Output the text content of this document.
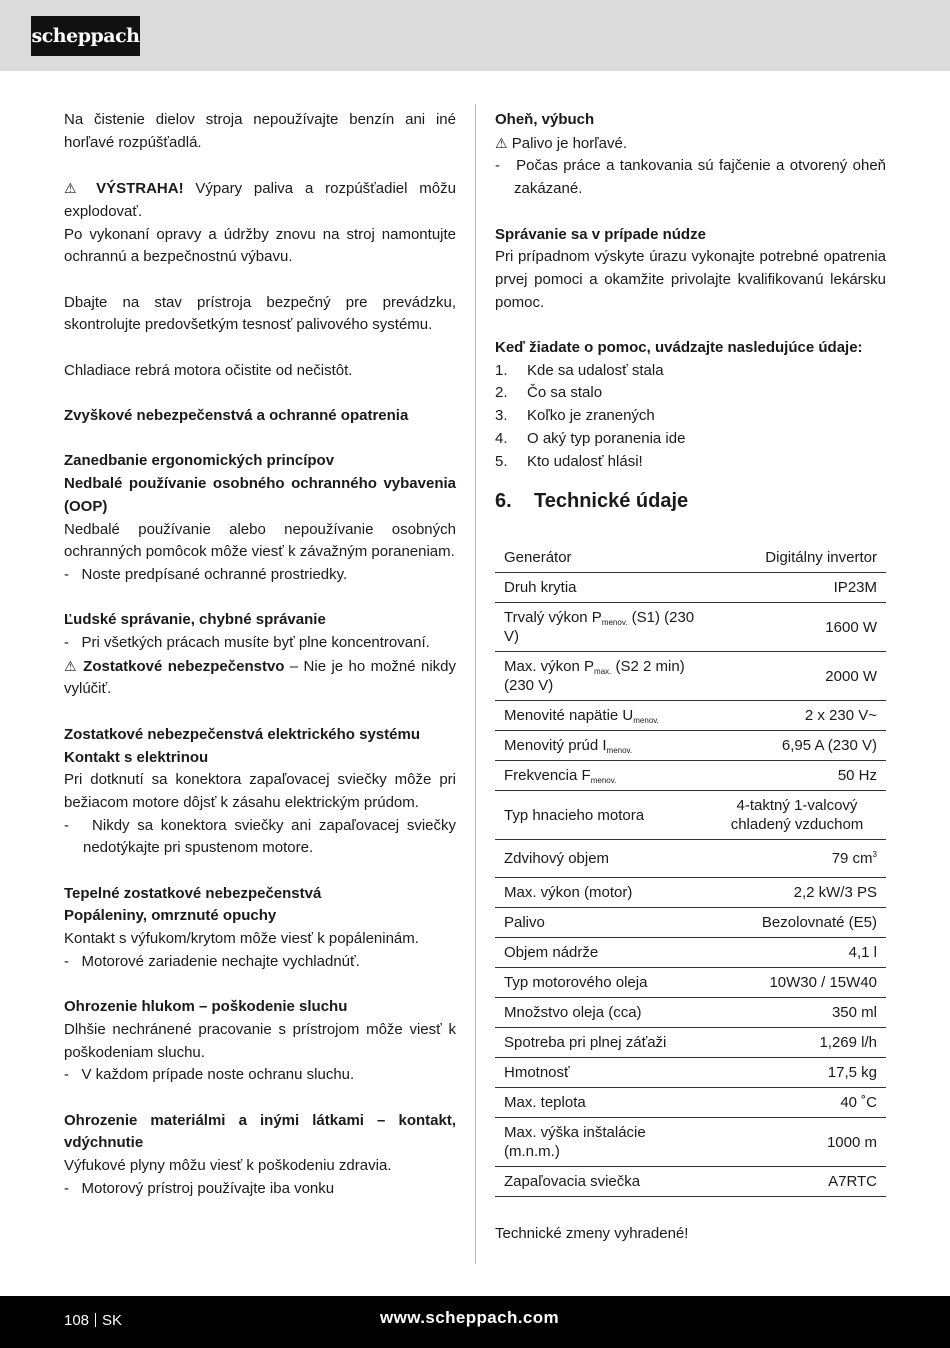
scheppach

Na čistenie dielov stroja nepoužívajte benzín ani iné horľavé rozpúšťadlá.

⚠ VÝSTRAHA! Výpary paliva a rozpúšťadiel môžu explodovať.

Po vykonaní opravy a údržby znovu na stroj namontujte ochrannú a bezpečnostnú výbavu.

Dbajte na stav prístroja bezpečný pre prevádzku, skontrolujte predovšetkým tesnosť palivového systému.

Chladiace rebrá motora očistite od nečistôt.

Zvyškové nebezpečenstvá a ochranné opatrenia

Zanedbanie ergonomických princípov

Nedbalé používanie osobného ochranného vybavenia (OOP)

Nedbalé používanie alebo nepoužívanie osobných ochranných pomôcok môže viesť k závažným poraneniam.

-   Noste predpísané ochranné prostriedky.

Ľudské správanie, chybné správanie

-   Pri všetkých prácach musíte byť plne koncentrovaní.

⚠ Zostatkové nebezpečenstvo – Nie je ho možné nikdy vylúčiť.

Zostatkové nebezpečenstvá elektrického systému

Kontakt s elektrinou

Pri dotknutí sa konektora zapaľovacej sviečky môže pri bežiacom motore dôjsť k zásahu elektrickým prúdom.

-   Nikdy sa konektora sviečky ani zapaľovacej sviečky nedotýkajte pri spustenom motore.

Tepelné zostatkové nebezpečenstvá

Popáleniny, omrznuté opuchy

Kontakt s výfukom/krytom môže viesť k popáleninám.

-   Motorové zariadenie nechajte vychladnúť.

Ohrozenie hlukom – poškodenie sluchu

Dlhšie nechránené pracovanie s prístrojom môže viesť k poškodeniam sluchu.

-   V každom prípade noste ochranu sluchu.

Ohrozenie materiálmi a inými látkami – kontakt, vdýchnutie

Výfukové plyny môžu viesť k poškodeniu zdravia.

-   Motorový prístroj používajte iba vonku

Oheň, výbuch

⚠ Palivo je horľavé.

-   Počas práce a tankovania sú fajčenie a otvorený oheň zakázané.

Správanie sa v prípade núdze

Pri prípadnom výskyte úrazu vykonajte potrebné opatrenia prvej pomoci a okamžite privolajte kvalifikovanú lekársku pomoc.

Keď žiadate o pomoc, uvádzajte nasledujúce údaje:

1.	Kde sa udalosť stala
2.	Čo sa stalo
3.	Koľko je zranených
4.	O aký typ poranenia ide
5.	Kto udalosť hlási!
6.	Technické údaje
Generátor	Digitálny invertor
Druh krytia	IP23M
Trvalý výkon $P_{menov.}$ (S1) (230 V)	1600 W
Max. výkon $P_{max.}$ (S2 2 min) (230 V)	2000 W
Menovité napätie $U_{menov.}$	2 x 230 V~
Menovitý prúd $I_{menov.}$	6,95 A (230 V)
Frekvencia $F_{menov.}$	50 Hz
Typ hnacieho motora	4-taktný 1-valcový chladený vzduchom
Zdvihový objem	79 $cm^3$
Max. výkon (motor)	2,2 kW/3 PS
Palivo	Bezolovnaté (E5)
Objem nádrže	4,1 l
Typ motorového oleja	10W30 / 15W40
Množstvo oleja (cca)	350 ml
Spotreba pri plnej záťaži	1,269 l/h
Hmotnosť	17,5 kg
Max. teplota	40 ˚C
Max. výška inštalácie (m.n.m.)	1000 m
Zapaľovacia sviečka	A7RTC

Technické zmeny vyhradené!

108 SK	www.scheppach.com
